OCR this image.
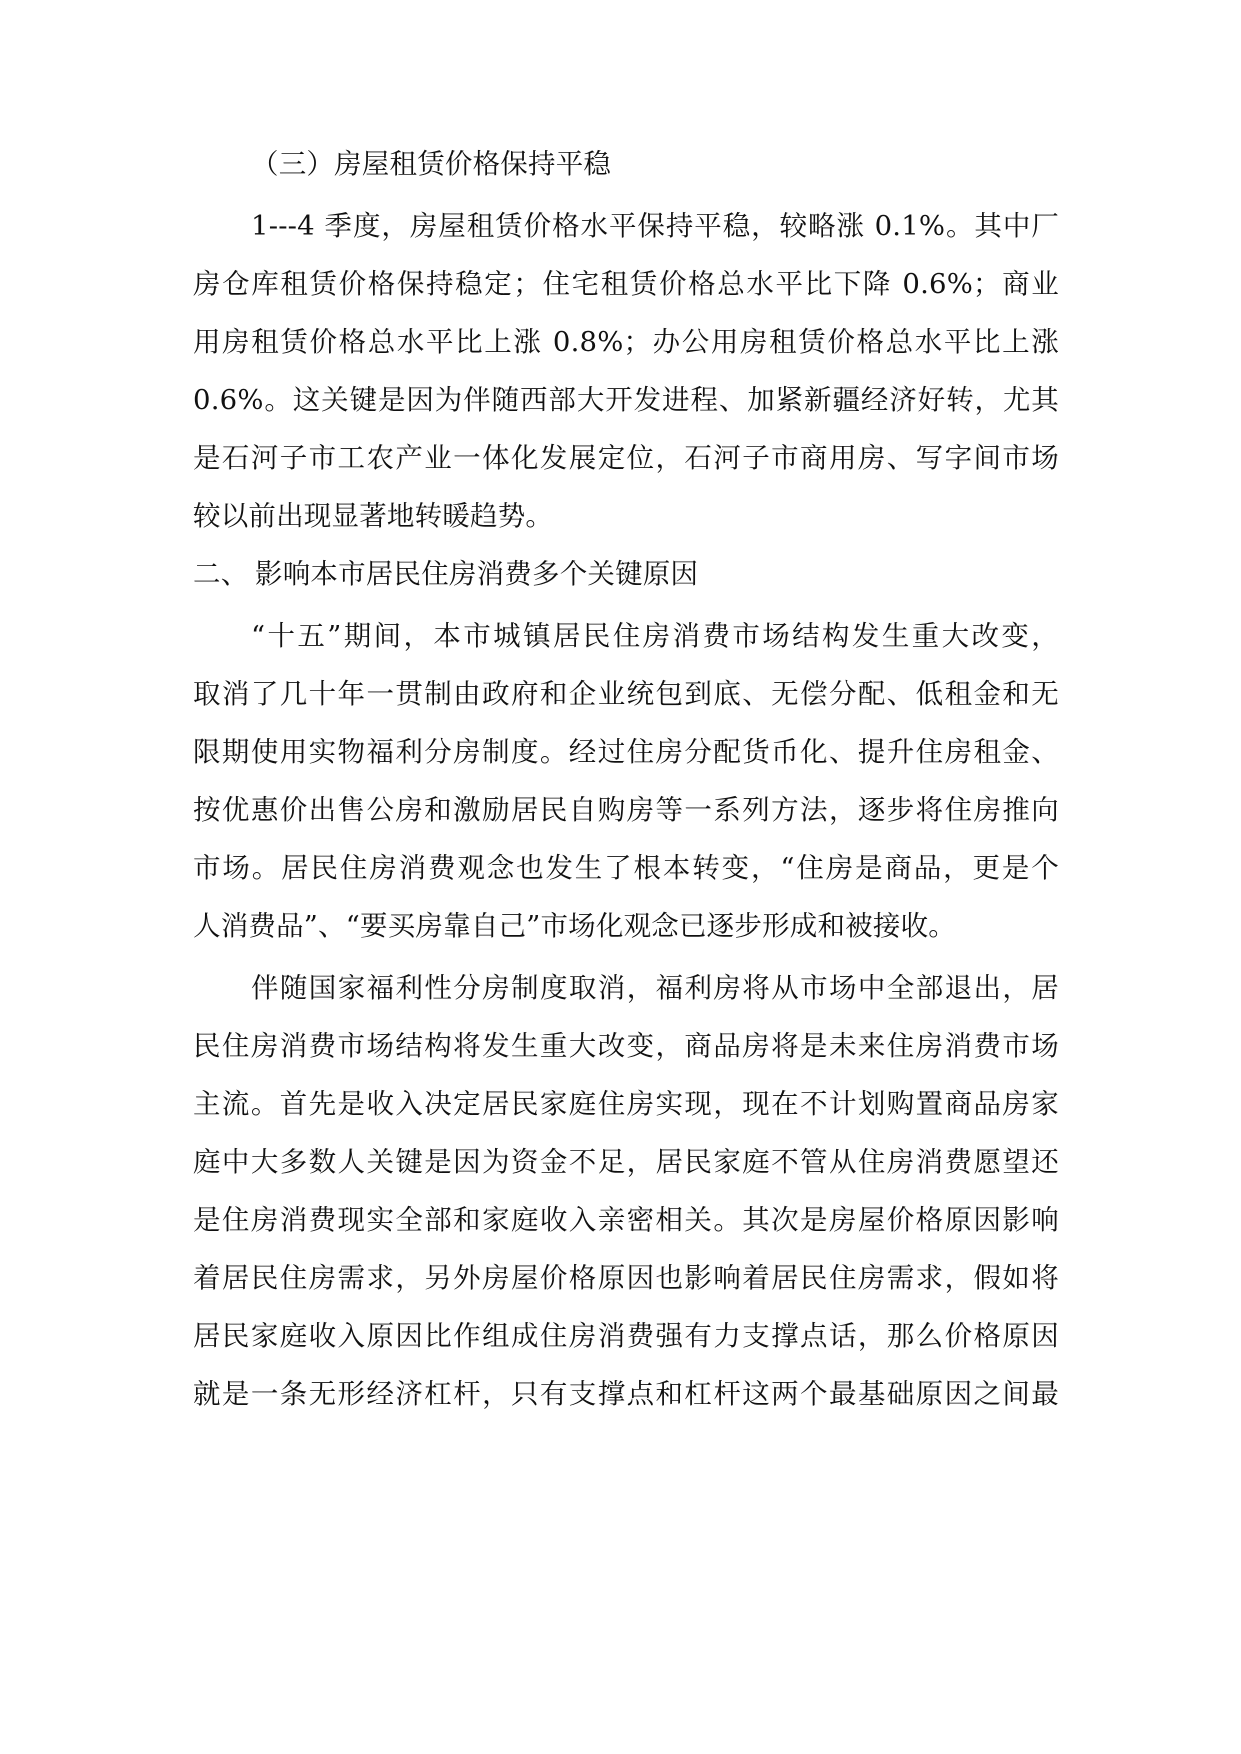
（三）房屋租赁价格保持平稳
1---4 季度，房屋租赁价格水平保持平稳，较略涨 0.1%。其中厂
房仓库租赁价格保持稳定；住宅租赁价格总水平比下降 0.6%；商业
用房租赁价格总水平比上涨 0.8%；办公用房租赁价格总水平比上涨
0.6%。这关键是因为伴随西部大开发进程、加紧新疆经济好转，尤其
是石河子市工农产业一体化发展定位，石河子市商用房、写字间市场
较以前出现显著地转暖趋势。
二、 影响本市居民住房消费多个关键原因
“十五”期间，本市城镇居民住房消费市场结构发生重大改变，
取消了几十年一贯制由政府和企业统包到底、无偿分配、低租金和无
限期使用实物福利分房制度。经过住房分配货币化、提升住房租金、
按优惠价出售公房和激励居民自购房等一系列方法，逐步将住房推向
市场。居民住房消费观念也发生了根本转变，“住房是商品，更是个
人消费品”、“要买房靠自己”市场化观念已逐步形成和被接收。
伴随国家福利性分房制度取消，福利房将从市场中全部退出，居
民住房消费市场结构将发生重大改变，商品房将是未来住房消费市场
主流。首先是收入决定居民家庭住房实现，现在不计划购置商品房家
庭中大多数人关键是因为资金不足，居民家庭不管从住房消费愿望还
是住房消费现实全部和家庭收入亲密相关。其次是房屋价格原因影响
着居民住房需求，另外房屋价格原因也影响着居民住房需求，假如将
居民家庭收入原因比作组成住房消费强有力支撑点话，那么价格原因
就是一条无形经济杠杆，只有支撑点和杠杆这两个最基础原因之间最
